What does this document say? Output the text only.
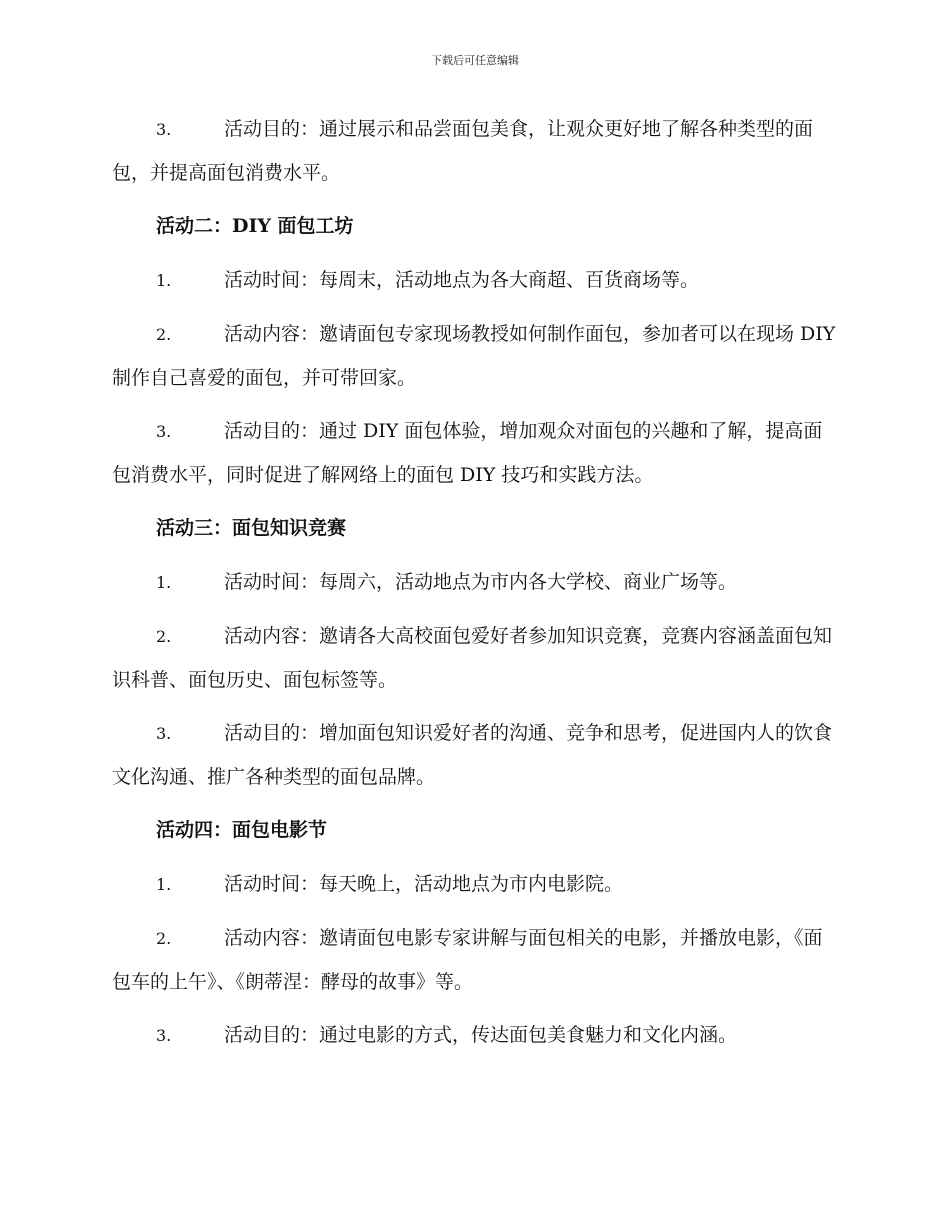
下载后可任意编辑

3.	活动目的：通过展示和品尝面包美食，让观众更好地了解各种类型的面包，并提高面包消费水平。

活动二：DIY 面包工坊

1.	活动时间：每周末，活动地点为各大商超、百货商场等。

2.	活动内容：邀请面包专家现场教授如何制作面包，参加者可以在现场 DIY 制作自己喜爱的面包，并可带回家。

3.	活动目的：通过 DIY 面包体验，增加观众对面包的兴趣和了解，提高面包消费水平，同时促进了解网络上的面包 DIY 技巧和实践方法。

活动三：面包知识竞赛

1.	活动时间：每周六，活动地点为市内各大学校、商业广场等。

2.	活动内容：邀请各大高校面包爱好者参加知识竞赛，竞赛内容涵盖面包知识科普、面包历史、面包标签等。

3.	活动目的：增加面包知识爱好者的沟通、竞争和思考，促进国内人的饮食文化沟通、推广各种类型的面包品牌。

活动四：面包电影节

1.	活动时间：每天晚上，活动地点为市内电影院。

2.	活动内容：邀请面包电影专家讲解与面包相关的电影，并播放电影，《面包车的上午》、《朗蒂涅：酵母的故事》等。

3.	活动目的：通过电影的方式，传达面包美食魅力和文化内涵。
